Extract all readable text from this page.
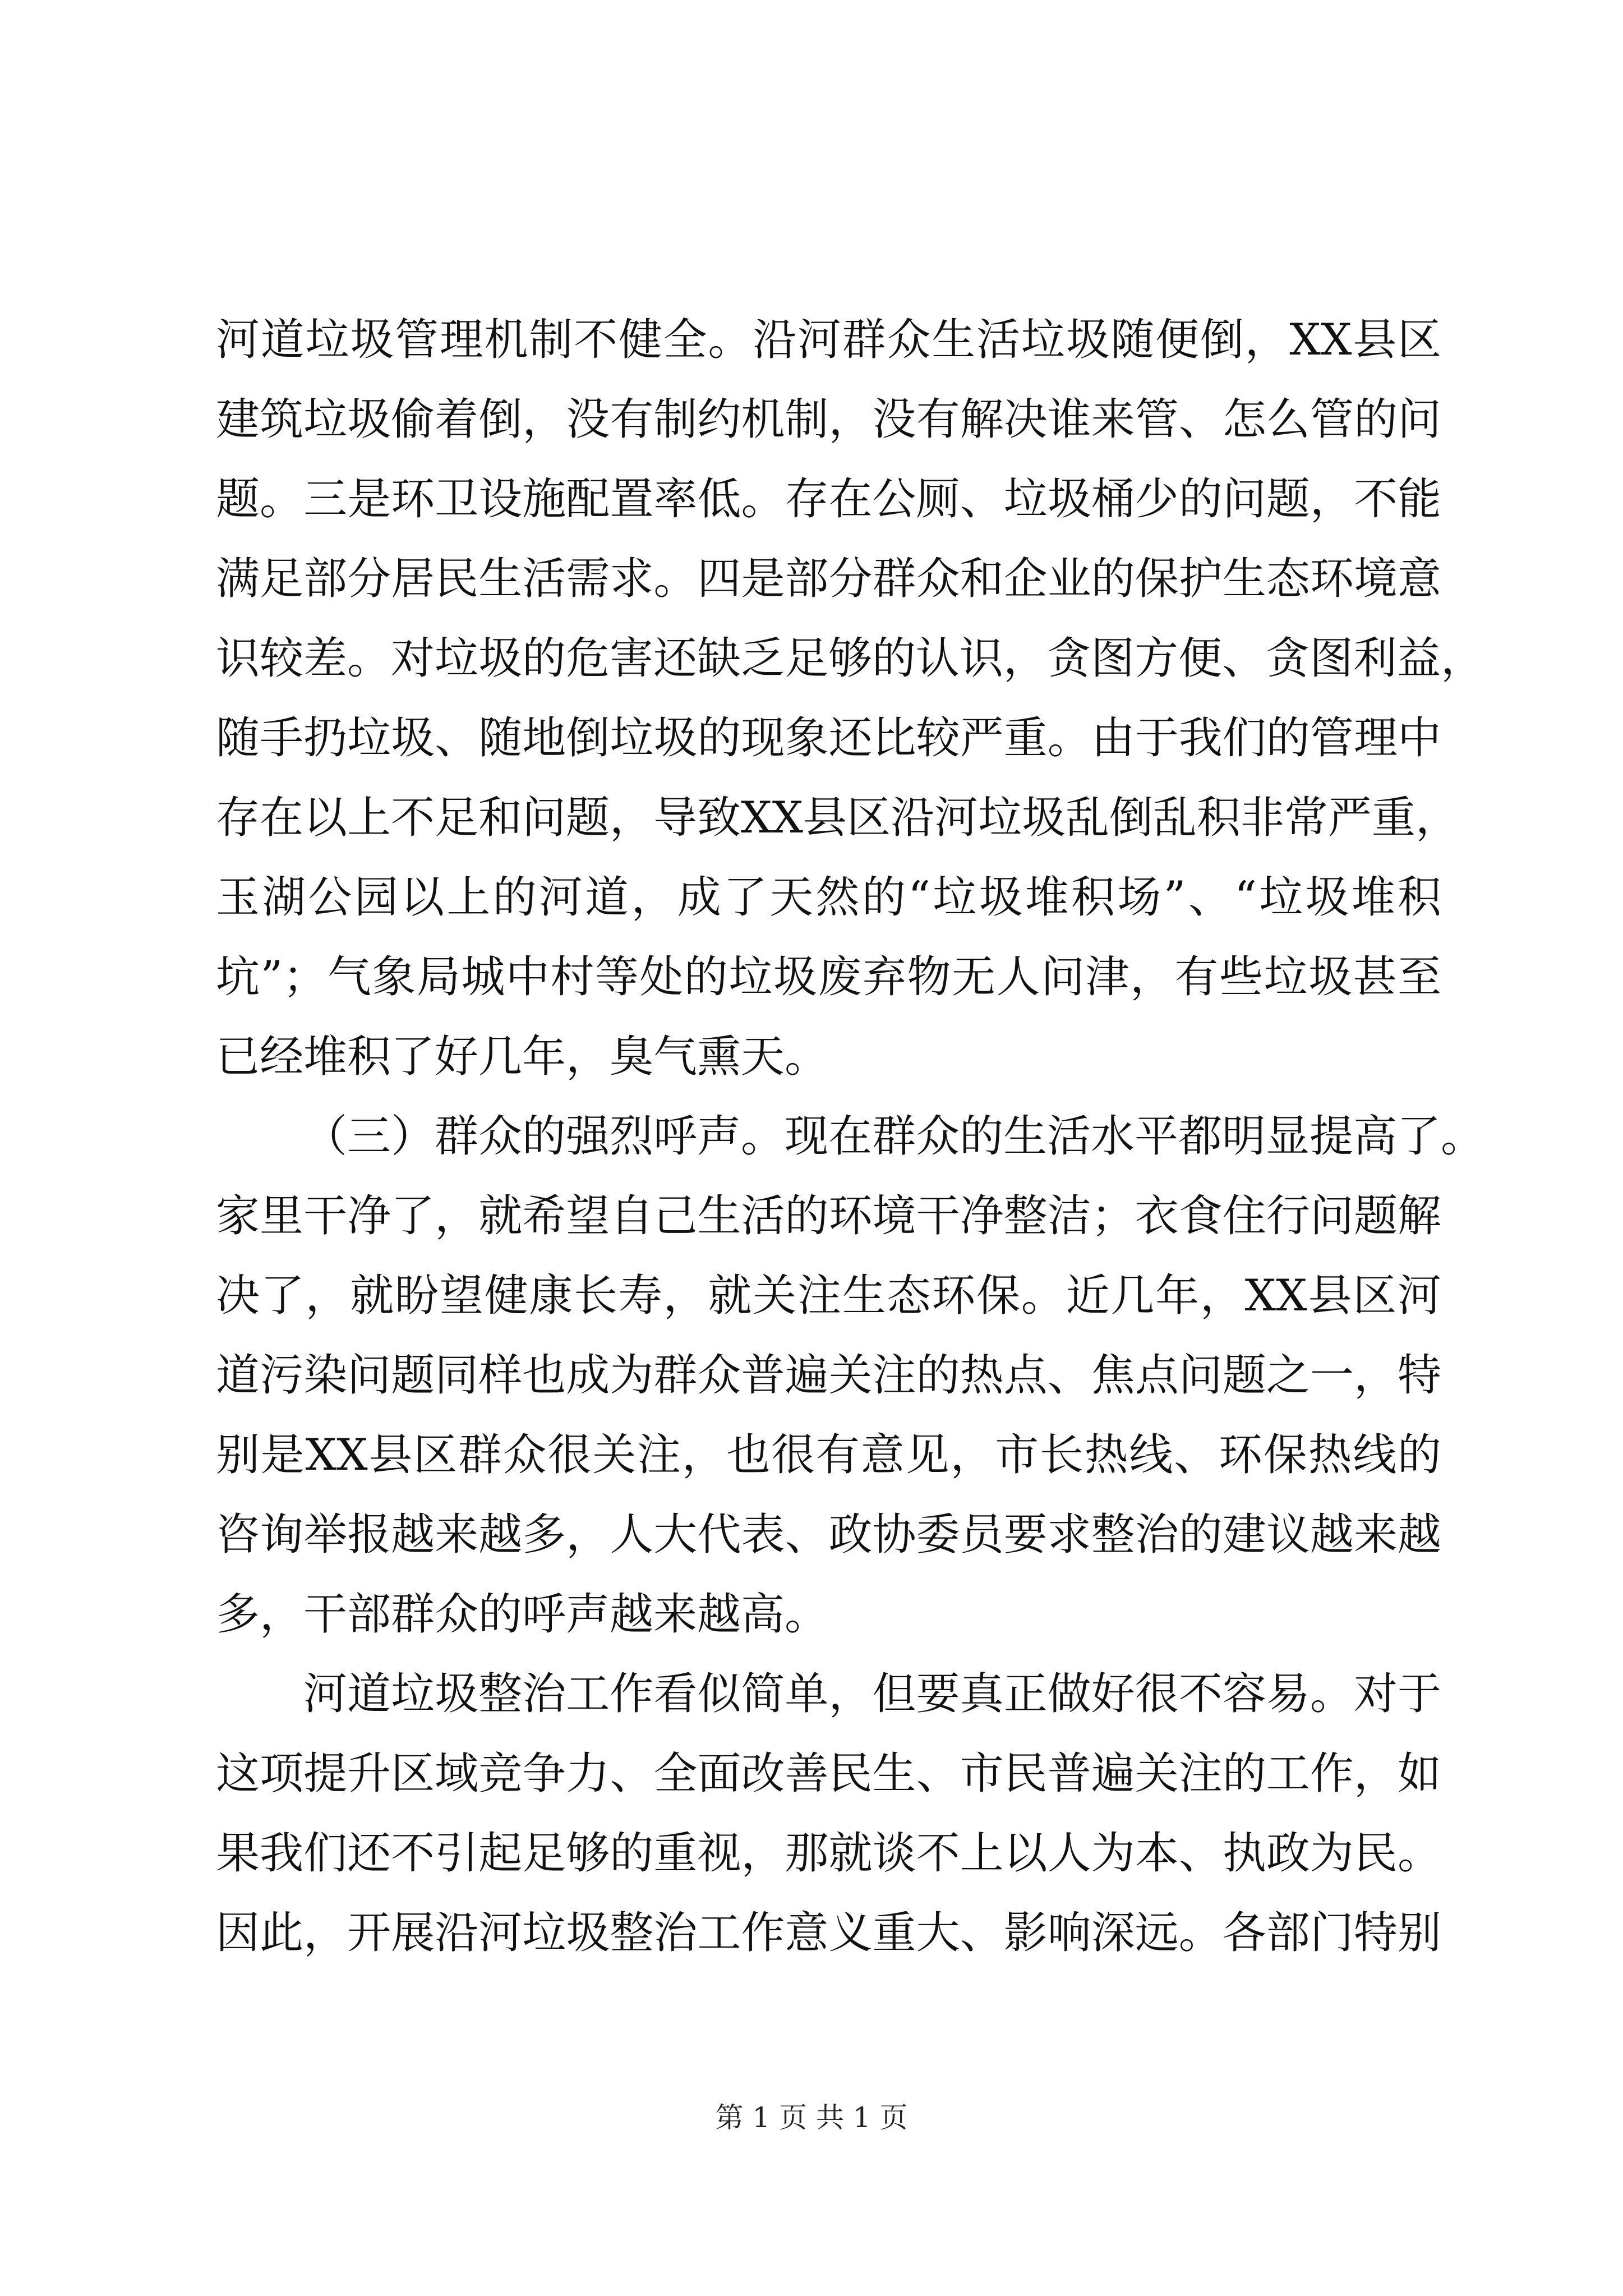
河道垃圾管理机制不健全。沿河群众生活垃圾随便倒，XX县区
建筑垃圾偷着倒，没有制约机制，没有解决谁来管、怎么管的问
题。三是环卫设施配置率低。存在公厕、垃圾桶少的问题，不能
满足部分居民生活需求。四是部分群众和企业的保护生态环境意
识较差。对垃圾的危害还缺乏足够的认识，贪图方便、贪图利益，
随手扔垃圾、随地倒垃圾的现象还比较严重。由于我们的管理中
存在以上不足和问题，导致XX县区沿河垃圾乱倒乱积非常严重，
玉湖公园以上的河道，成了天然的“垃圾堆积场”、“垃圾堆积
坑”；气象局城中村等处的垃圾废弃物无人问津，有些垃圾甚至
已经堆积了好几年，臭气熏天。
（三）群众的强烈呼声。现在群众的生活水平都明显提高了。
家里干净了，就希望自己生活的环境干净整洁；衣食住行问题解
决了，就盼望健康长寿，就关注生态环保。近几年，XX县区河
道污染问题同样也成为群众普遍关注的热点、焦点问题之一，特
别是XX县区群众很关注，也很有意见，市长热线、环保热线的
咨询举报越来越多，人大代表、政协委员要求整治的建议越来越
多，干部群众的呼声越来越高。
河道垃圾整治工作看似简单，但要真正做好很不容易。对于
这项提升区域竞争力、全面改善民生、市民普遍关注的工作，如
果我们还不引起足够的重视，那就谈不上以人为本、执政为民。
因此，开展沿河垃圾整治工作意义重大、影响深远。各部门特别
第 1 页 共 1 页
